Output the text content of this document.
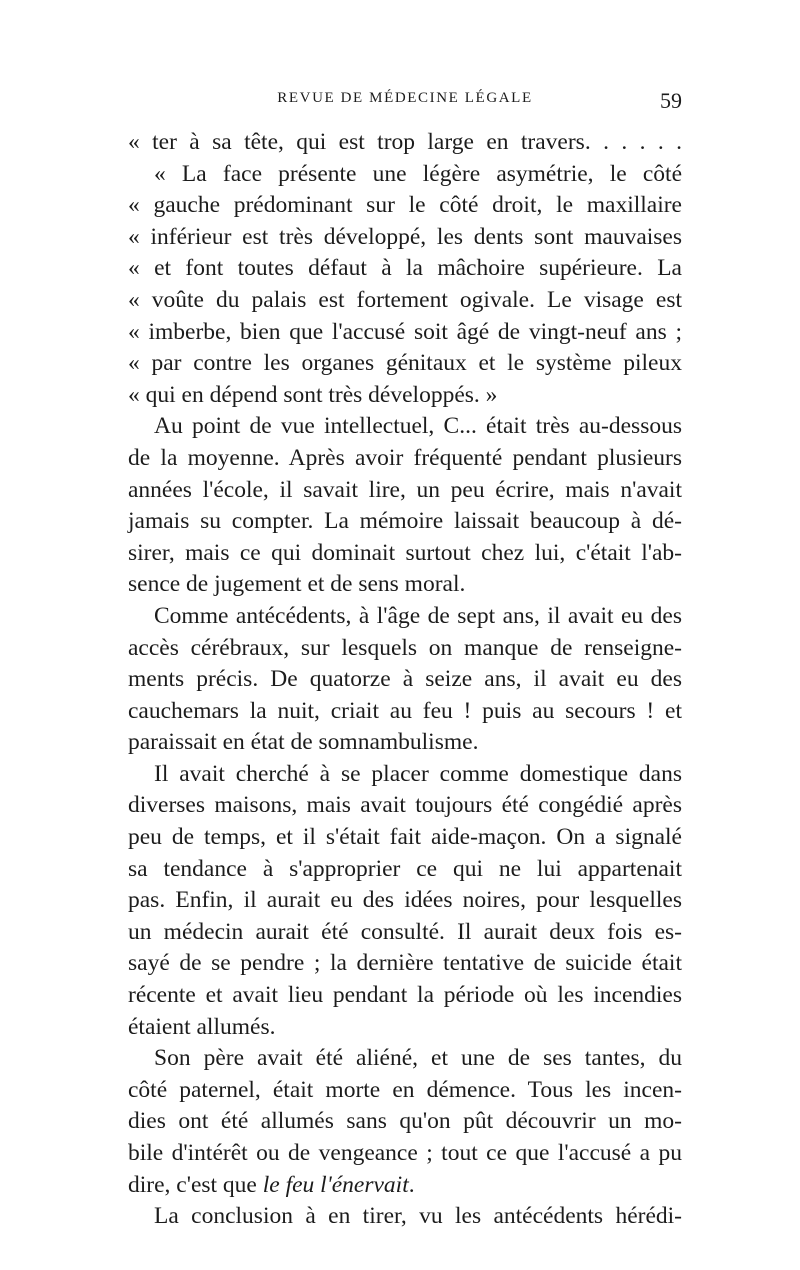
REVUE DE MÉDECINE LÉGALE	59
« ter à sa tête, qui est trop large en travers. . . . . .
« La face présente une légère asymétrie, le côté
« gauche prédominant sur le côté droit, le maxillaire
« inférieur est très développé, les dents sont mauvaises
« et font toutes défaut à la mâchoire supérieure. La
« voûte du palais est fortement ogivale. Le visage est
« imberbe, bien que l'accusé soit âgé de vingt-neuf ans ;
« par contre les organes génitaux et le système pileux
« qui en dépend sont très développés. »
Au point de vue intellectuel, C... était très au-dessous
de la moyenne. Après avoir fréquenté pendant plusieurs
années l'école, il savait lire, un peu écrire, mais n'avait
jamais su compter. La mémoire laissait beaucoup à dé-
sirer, mais ce qui dominait surtout chez lui, c'était l'ab-
sence de jugement et de sens moral.
Comme antécédents, à l'âge de sept ans, il avait eu des
accès cérébraux, sur lesquels on manque de renseigne-
ments précis. De quatorze à seize ans, il avait eu des
cauchemars la nuit, criait au feu ! puis au secours ! et
paraissait en état de somnambulisme.
Il avait cherché à se placer comme domestique dans
diverses maisons, mais avait toujours été congédié après
peu de temps, et il s'était fait aide-maçon. On a signalé
sa tendance à s'approprier ce qui ne lui appartenait
pas. Enfin, il aurait eu des idées noires, pour lesquelles
un médecin aurait été consulté. Il aurait deux fois es-
sayé de se pendre ; la dernière tentative de suicide était
récente et avait lieu pendant la période où les incendies
étaient allumés.
Son père avait été aliéné, et une de ses tantes, du
côté paternel, était morte en démence. Tous les incen-
dies ont été allumés sans qu'on pût découvrir un mo-
bile d'intérêt ou de vengeance ; tout ce que l'accusé a pu
dire, c'est que le feu l'énervait.
La conclusion à en tirer, vu les antécédents hérédi-
